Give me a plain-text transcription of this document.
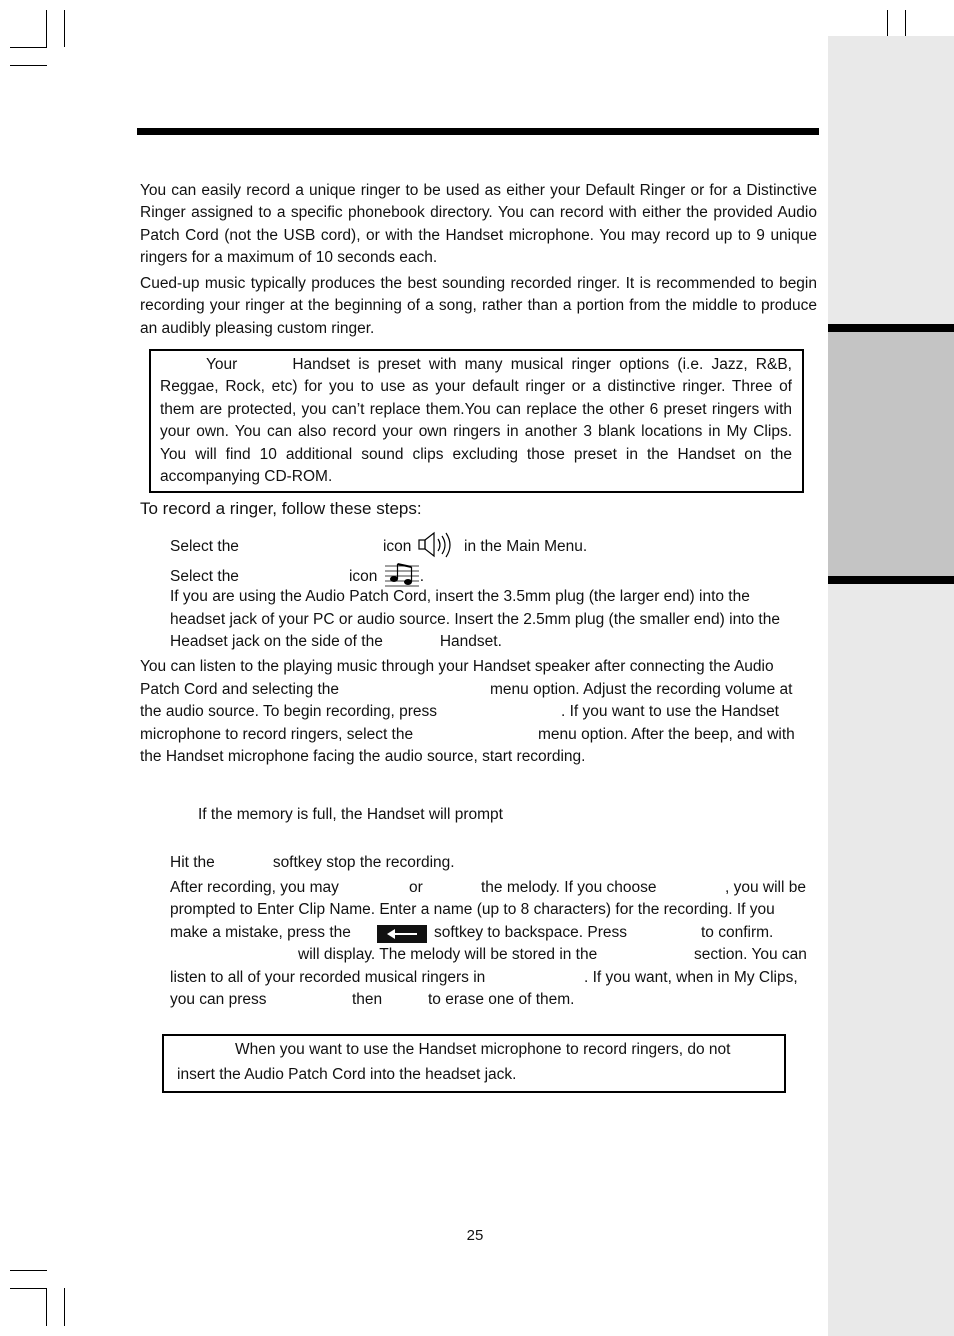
You can easily record a unique ringer to be used as either your Default Ringer or for a Distinctive Ringer assigned to a specific phonebook directory. You can record with either the provided Audio Patch Cord (not the USB cord), or with the Handset microphone. You may record up to 9 unique ringers for a maximum of 10 seconds each.

Cued-up music typically produces the best sounding recorded ringer. It is recommended to begin recording your ringer at the beginning of a song, rather than a portion from the middle to produce an audibly pleasing custom ringer.

Your	Handset is preset with many musical ringer options (i.e. Jazz, R&B, Reggae, Rock, etc) for you to use as your default ringer or a distinctive ringer. Three of them are protected, you can’t replace them.You can replace the other 6 preset ringers with your own. You can also record your own ringers in another 3 blank locations in My Clips. You will find 10 additional sound clips excluding those preset in the Handset on the accompanying CD-ROM.

To record a ringer, follow these steps:
Select the	icon	in the Main Menu.
Select the	icon	.
If you are using the Audio Patch Cord, insert the 3.5mm plug (the larger end) into the
headset jack of your PC or audio source. Insert the 2.5mm plug (the smaller end) into the
Headset jack on the side of the	Handset.
You can listen to the playing music through your Handset speaker after connecting the Audio
Patch Cord and selecting the	menu option. Adjust the recording volume at
the audio source. To begin recording, press	. If you want to use the Handset
microphone to record ringers, select the	menu option. After the beep, and with
the Handset microphone facing the audio source, start recording.
If the memory is full, the Handset will prompt
Hit the	softkey stop the recording.
After recording, you may	or	the melody. If you choose	, you will be
prompted to Enter Clip Name. Enter a name (up to 8 characters) for the recording. If you
make a mistake, press the	softkey to backspace. Press	to confirm.
will display. The melody will be stored in the	section. You can
listen to all of your recorded musical ringers in	. If you want, when in My Clips,
you can press	then	to erase one of them.
When you want to use the Handset microphone to record ringers, do not
insert the Audio Patch Cord into the headset jack.
25
